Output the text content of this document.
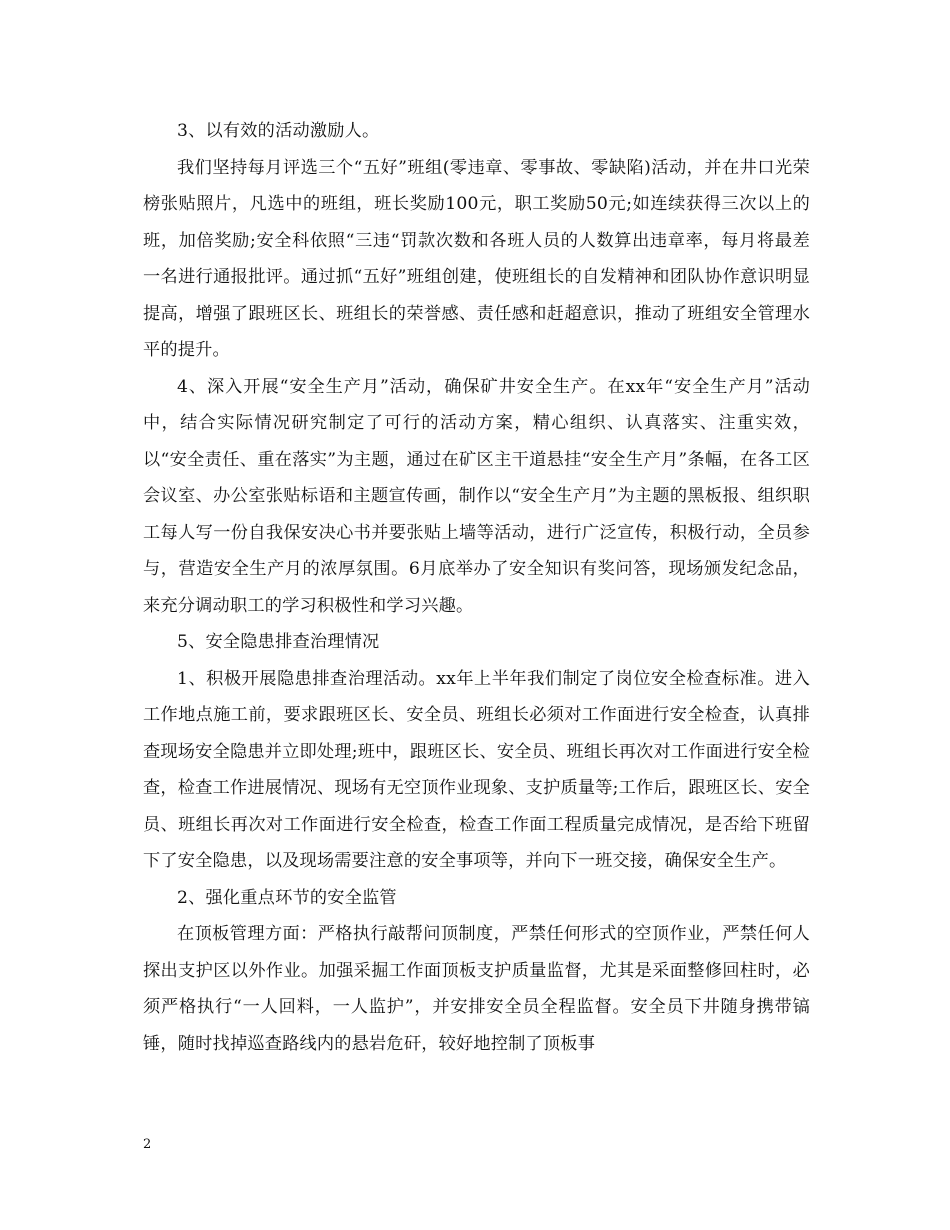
3、以有效的活动激励人。

我们坚持每月评选三个“五好”班组(零违章、零事故、零缺陷)活动，并在井口光荣榜张贴照片，凡选中的班组，班长奖励100元，职工奖励50元;如连续获得三次以上的班，加倍奖励;安全科依照“三违“罚款次数和各班人员的人数算出违章率，每月将最差一名进行通报批评。通过抓“五好”班组创建，使班组长的自发精神和团队协作意识明显提高，增强了跟班区长、班组长的荣誉感、责任感和赶超意识，推动了班组安全管理水平的提升。

4、深入开展“安全生产月”活动，确保矿井安全生产。在xx年“安全生产月”活动中，结合实际情况研究制定了可行的活动方案，精心组织、认真落实、注重实效，以“安全责任、重在落实”为主题，通过在矿区主干道悬挂“安全生产月”条幅，在各工区会议室、办公室张贴标语和主题宣传画，制作以“安全生产月”为主题的黑板报、组织职工每人写一份自我保安决心书并要张贴上墙等活动，进行广泛宣传，积极行动，全员参与，营造安全生产月的浓厚氛围。6月底举办了安全知识有奖问答，现场颁发纪念品，来充分调动职工的学习积极性和学习兴趣。

5、安全隐患排查治理情况

1、积极开展隐患排查治理活动。xx年上半年我们制定了岗位安全检查标准。进入工作地点施工前，要求跟班区长、安全员、班组长必须对工作面进行安全检查，认真排查现场安全隐患并立即处理;班中，跟班区长、安全员、班组长再次对工作面进行安全检查，检查工作进展情况、现场有无空顶作业现象、支护质量等;工作后，跟班区长、安全员、班组长再次对工作面进行安全检查，检查工作面工程质量完成情况，是否给下班留下了安全隐患，以及现场需要注意的安全事项等，并向下一班交接，确保安全生产。

2、强化重点环节的安全监管

在顶板管理方面：严格执行敲帮问顶制度，严禁任何形式的空顶作业，严禁任何人探出支护区以外作业。加强采掘工作面顶板支护质量监督，尤其是采面整修回柱时，必须严格执行“一人回料，一人监护”，并安排安全员全程监督。安全员下井随身携带镐锤，随时找掉巡查路线内的悬岩危矸，较好地控制了顶板事

2
